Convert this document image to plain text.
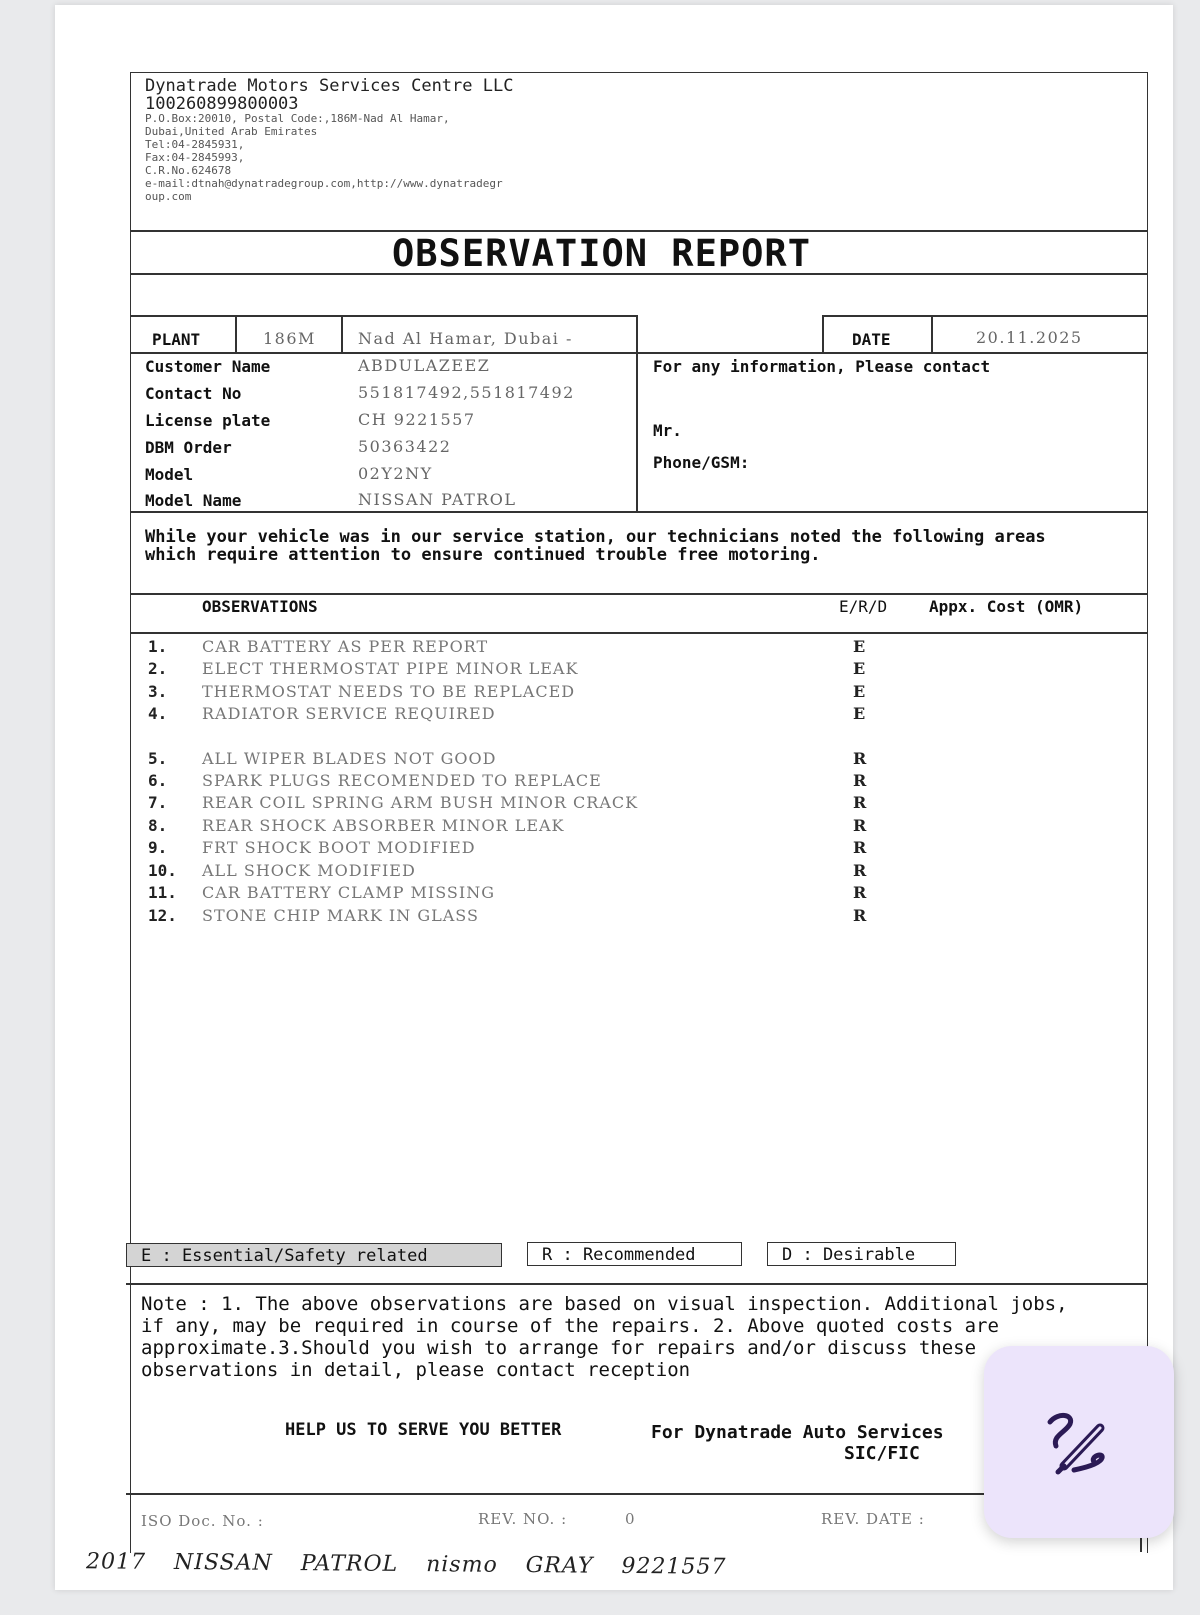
Dynatrade Motors Services Centre LLC
100260899800003
P.O.Box:20010, Postal Code:,186M-Nad Al Hamar,
Dubai,United Arab Emirates
Tel:04-2845931,
Fax:04-2845993,
C.R.No.624678
e-mail:dtnah@dynatradegroup.com,http://www.dynatradegr
oup.com
OBSERVATION REPORT
PLANT	186M	Nad Al Hamar, Dubai -	DATE	20.11.2025
Customer Name	ABDULAZEEZ
Contact No	551817492,551817492
License plate	CH 9221557
DBM Order	50363422
Model	02Y2NY
Model Name	NISSAN PATROL
For any information, Please contact
Mr.
Phone/GSM:
While your vehicle was in our service station, our technicians noted the following areas which require attention to ensure continued trouble free motoring.
OBSERVATIONS	E/R/D	Appx. Cost (OMR)
1. CAR BATTERY AS PER REPORT	E
2. ELECT THERMOSTAT PIPE MINOR LEAK	E
3. THERMOSTAT NEEDS TO BE REPLACED	E
4. RADIATOR SERVICE REQUIRED	E
5. ALL WIPER BLADES NOT GOOD	R
6. SPARK PLUGS RECOMENDED TO REPLACE	R
7. REAR COIL SPRING ARM BUSH MINOR CRACK	R
8. REAR SHOCK ABSORBER MINOR LEAK	R
9. FRT SHOCK BOOT MODIFIED	R
10. ALL SHOCK MODIFIED	R
11. CAR BATTERY CLAMP MISSING	R
12. STONE CHIP MARK IN GLASS	R
E : Essential/Safety related	R : Recommended	D : Desirable
Note : 1. The above observations are based on visual inspection. Additional jobs, if any, may be required in course of the repairs. 2. Above quoted costs are approximate.3.Should you wish to arrange for repairs and/or discuss these observations in detail, please contact reception
HELP US TO SERVE YOU BETTER	For Dynatrade Auto Services
SIC/FIC
ISO Doc. No. :	REV. NO. :	0	REV. DATE :
2017 NISSAN PATROL nismo GRAY 9221557
